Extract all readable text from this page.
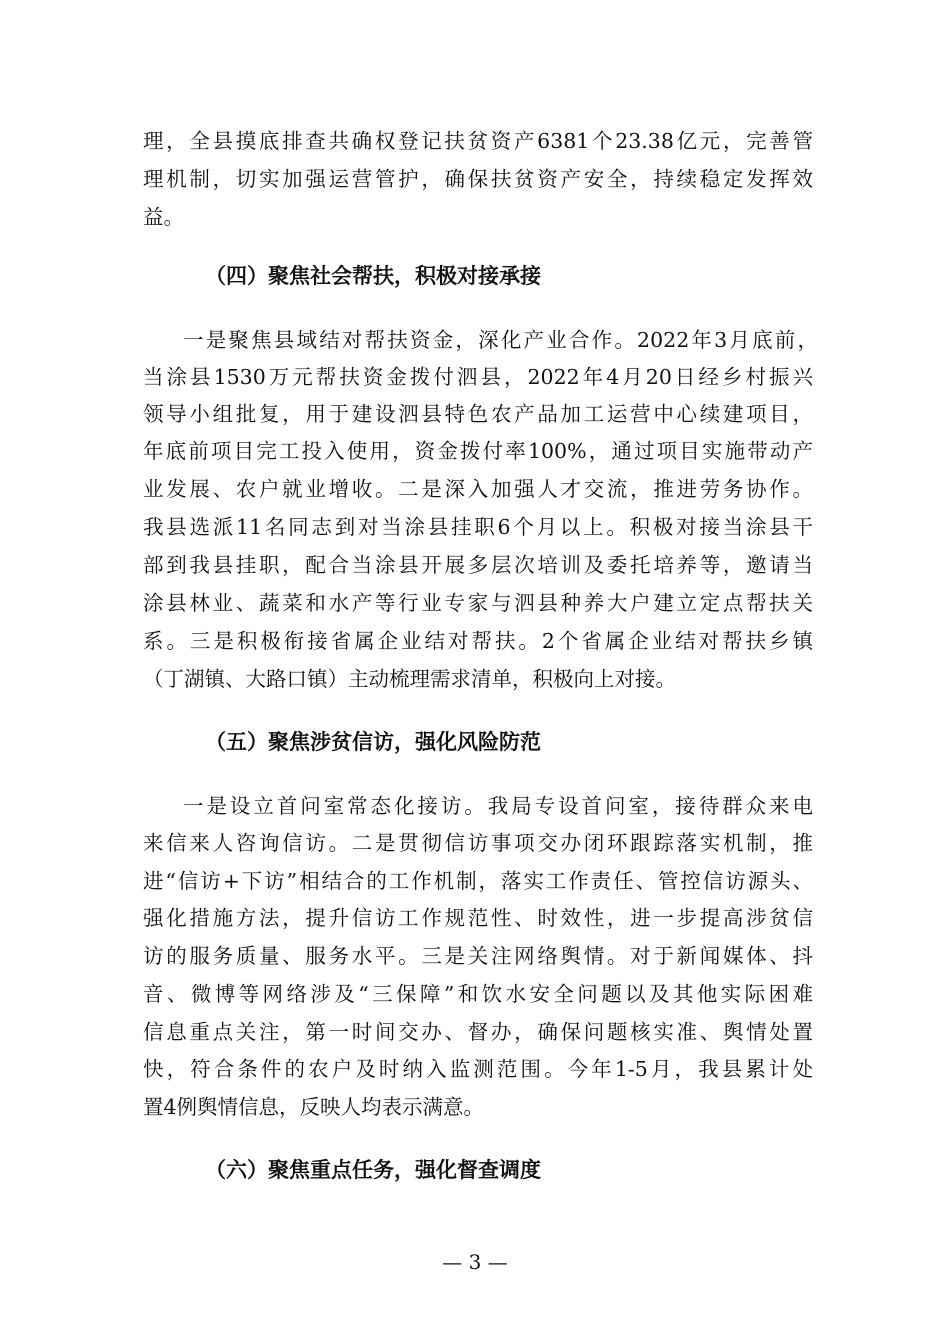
理，全县摸底排查共确权登记扶贫资产6381个23.38亿元，完善管

理机制，切实加强运营管护，确保扶贫资产安全，持续稳定发挥效

益。

（四）聚焦社会帮扶，积极对接承接

一是聚焦县域结对帮扶资金，深化产业合作。2022年3月底前，

当涂县1530万元帮扶资金拨付泗县，2022年4月20日经乡村振兴

领导小组批复，用于建设泗县特色农产品加工运营中心续建项目，

年底前项目完工投入使用，资金拨付率100%，通过项目实施带动产

业发展、农户就业增收。二是深入加强人才交流，推进劳务协作。

我县选派11名同志到对当涂县挂职6个月以上。积极对接当涂县干

部到我县挂职，配合当涂县开展多层次培训及委托培养等，邀请当

涂县林业、蔬菜和水产等行业专家与泗县种养大户建立定点帮扶关

系。三是积极衔接省属企业结对帮扶。2个省属企业结对帮扶乡镇

（丁湖镇、大路口镇）主动梳理需求清单，积极向上对接。

（五）聚焦涉贫信访，强化风险防范

一是设立首问室常态化接访。我局专设首问室，接待群众来电

来信来人咨询信访。二是贯彻信访事项交办闭环跟踪落实机制，推

进“信访+下访”相结合的工作机制，落实工作责任、管控信访源头、

强化措施方法，提升信访工作规范性、时效性，进一步提高涉贫信

访的服务质量、服务水平。三是关注网络舆情。对于新闻媒体、抖

音、微博等网络涉及“三保障”和饮水安全问题以及其他实际困难

信息重点关注，第一时间交办、督办，确保问题核实准、舆情处置

快，符合条件的农户及时纳入监测范围。今年1-5月，我县累计处

置4例舆情信息，反映人均表示满意。

（六）聚焦重点任务，强化督查调度
— 3 —
